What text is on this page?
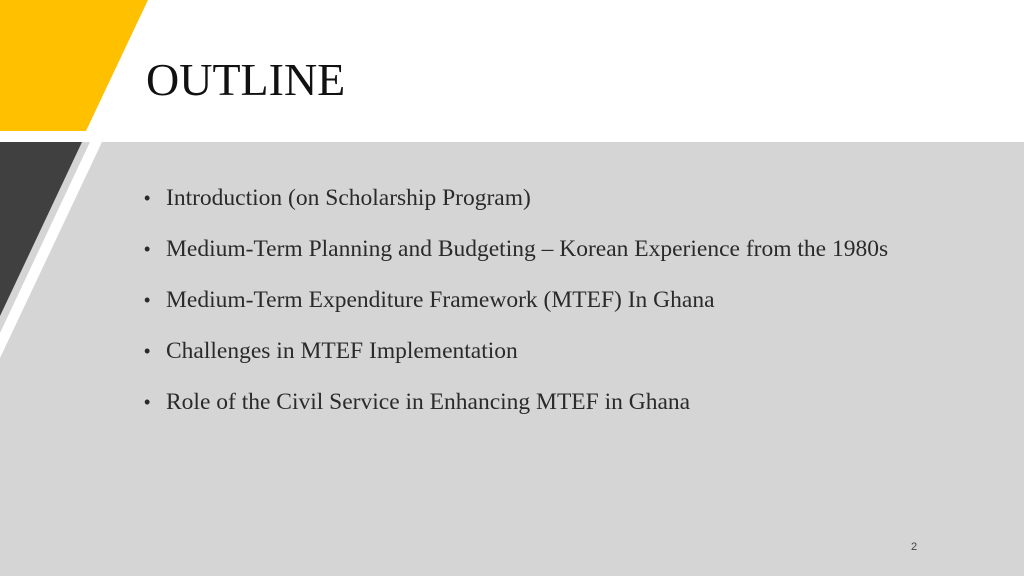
OUTLINE
• Introduction (on Scholarship Program)
• Medium-Term Planning and Budgeting – Korean Experience from the 1980s
• Medium-Term Expenditure Framework (MTEF) In Ghana
• Challenges in MTEF Implementation
• Role of the Civil Service in Enhancing MTEF in Ghana
2
